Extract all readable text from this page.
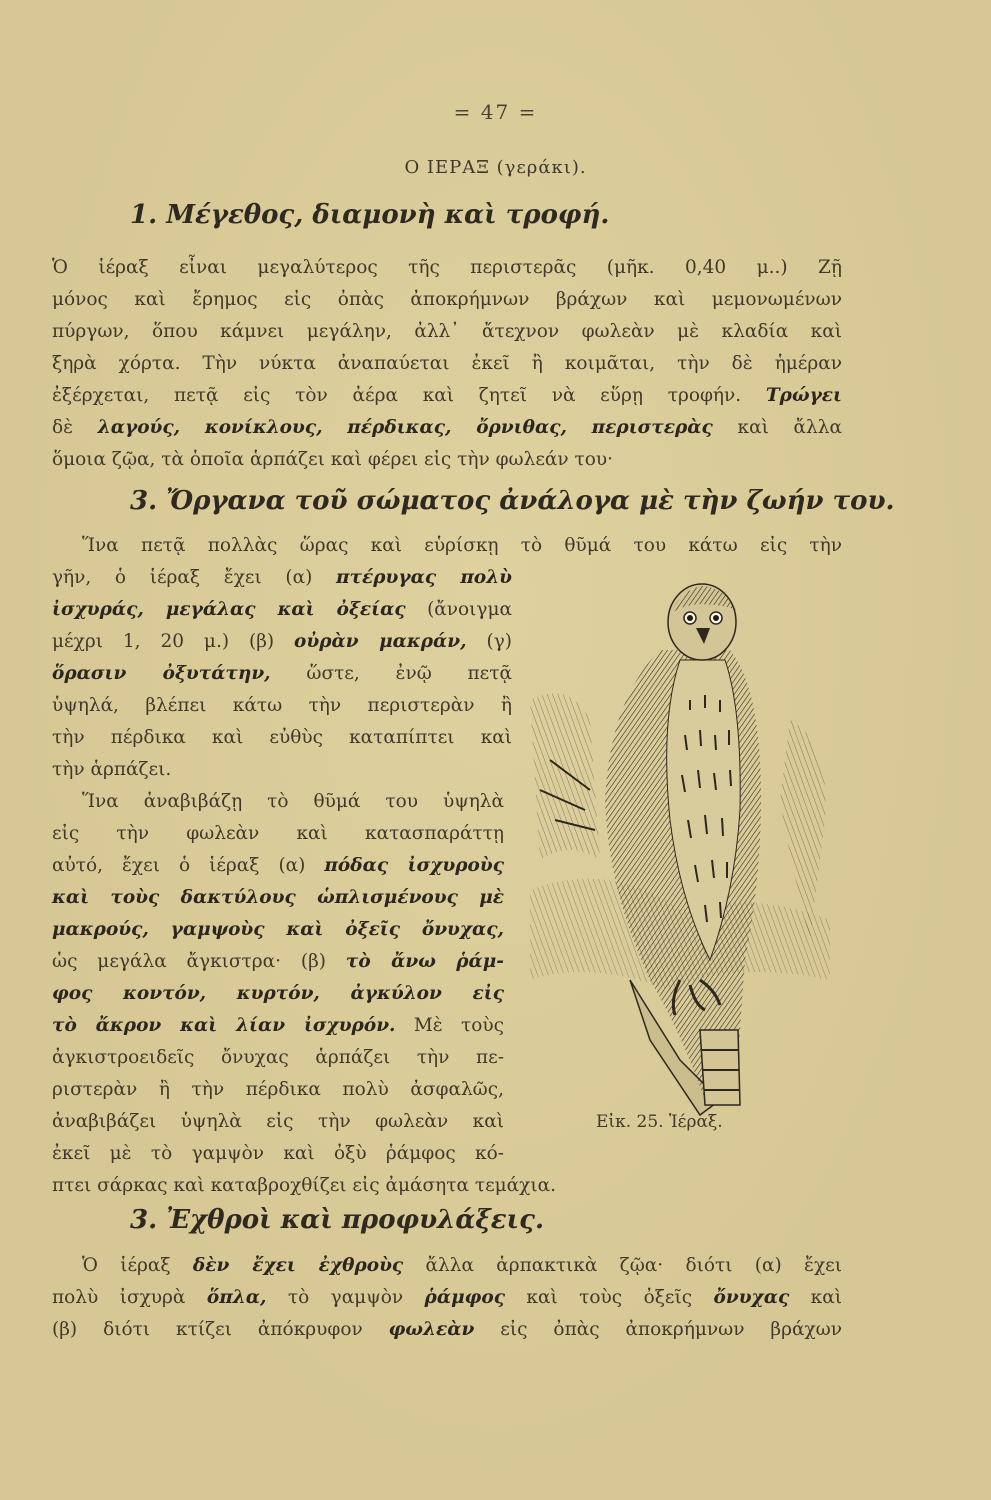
= 47 =
Ο ΙΕΡΑΞ (γεράκι).
1. Μέγεθος, διαμονὴ καὶ τροφή.
Ὁ ἱέραξ εἶναι μεγαλύτερος τῆς περιστερᾶς (μῆκ. 0,40 μ..) Ζῇ
μόνος καὶ ἔρημος εἰς ὀπὰς ἀποκρήμνων βράχων καὶ μεμονωμένων
πύργων, ὅπου κάμνει μεγάλην, ἀλλ᾽ ἄτεχνον φωλεὰν μὲ κλαδία καὶ
ξηρὰ χόρτα. Τὴν νύκτα ἀναπαύεται ἐκεῖ ἢ κοιμᾶται, τὴν δὲ ἡμέραν
ἐξέρχεται, πετᾷ εἰς τὸν ἀέρα καὶ ζητεῖ νὰ εὕρῃ τροφήν. Τρώγει
δὲ λαγούς, κονίκλους, πέρδικας, ὄρνιθας, περιστερὰς καὶ ἄλλα
ὅμοια ζῷα, τὰ ὁποῖα ἁρπάζει καὶ φέρει εἰς τὴν φωλεάν του·
3. Ὄργανα τοῦ σώματος ἀνάλογα μὲ τὴν ζωήν του.
Ἵνα πετᾷ πολλὰς ὥρας καὶ εὑρίσκῃ τὸ θῦμά του κάτω εἰς τὴν
γῆν, ὁ ἱέραξ ἔχει (α) πτέρυγας πολὺ
ἰσχυράς, μεγάλας καὶ ὀξείας (ἄνοιγμα
μέχρι 1, 20 μ.) (β) οὐρὰν μακράν, (γ)
ὅρασιν ὀξυτάτην, ὥστε, ἐνῷ πετᾷ
ὑψηλά, βλέπει κάτω τὴν περιστερὰν ἢ
τὴν πέρδικα καὶ εὐθὺς καταπίπτει καὶ
τὴν ἁρπάζει.
Ἵνα ἀναβιβάζῃ τὸ θῦμά του ὑψηλὰ
εἰς τὴν φωλεὰν καὶ κατασπαράττῃ
αὐτό, ἔχει ὁ ἱέραξ (α) πόδας ἰσχυροὺς
καὶ τοὺς δακτύλους ὡπλισμένους μὲ
μακρούς, γαμψοὺς καὶ ὀξεῖς ὄνυχας,
ὡς μεγάλα ἄγκιστρα· (β) τὸ ἄνω ῥάμ-
φος κοντόν, κυρτόν, ἀγκύλον εἰς
τὸ ἄκρον καὶ λίαν ἰσχυρόν. Μὲ τοὺς
ἀγκιστροειδεῖς ὄνυχας ἁρπάζει τὴν πε-
ριστερὰν ἢ τὴν πέρδικα πολὺ ἀσφαλῶς,
ἀναβιβάζει ὑψηλὰ εἰς τὴν φωλεὰν καὶ
ἐκεῖ μὲ τὸ γαμψὸν καὶ ὀξὺ ῥάμφος κό-
πτει σάρκας καὶ καταβροχθίζει εἰς ἀμάσητα τεμάχια.
Εἰκ. 25. Ἱέραξ.
3. Ἐχθροὶ καὶ προφυλάξεις.
Ὁ ἱέραξ δὲν ἔχει ἐχθροὺς ἄλλα ἁρπακτικὰ ζῷα· διότι (α) ἔχει
πολὺ ἰσχυρὰ ὅπλα, τὸ γαμψὸν ῥάμφος καὶ τοὺς ὀξεῖς ὄνυχας καὶ
(β) διότι κτίζει ἀπόκρυφον φωλεὰν εἰς ὀπὰς ἀποκρήμνων βράχων
